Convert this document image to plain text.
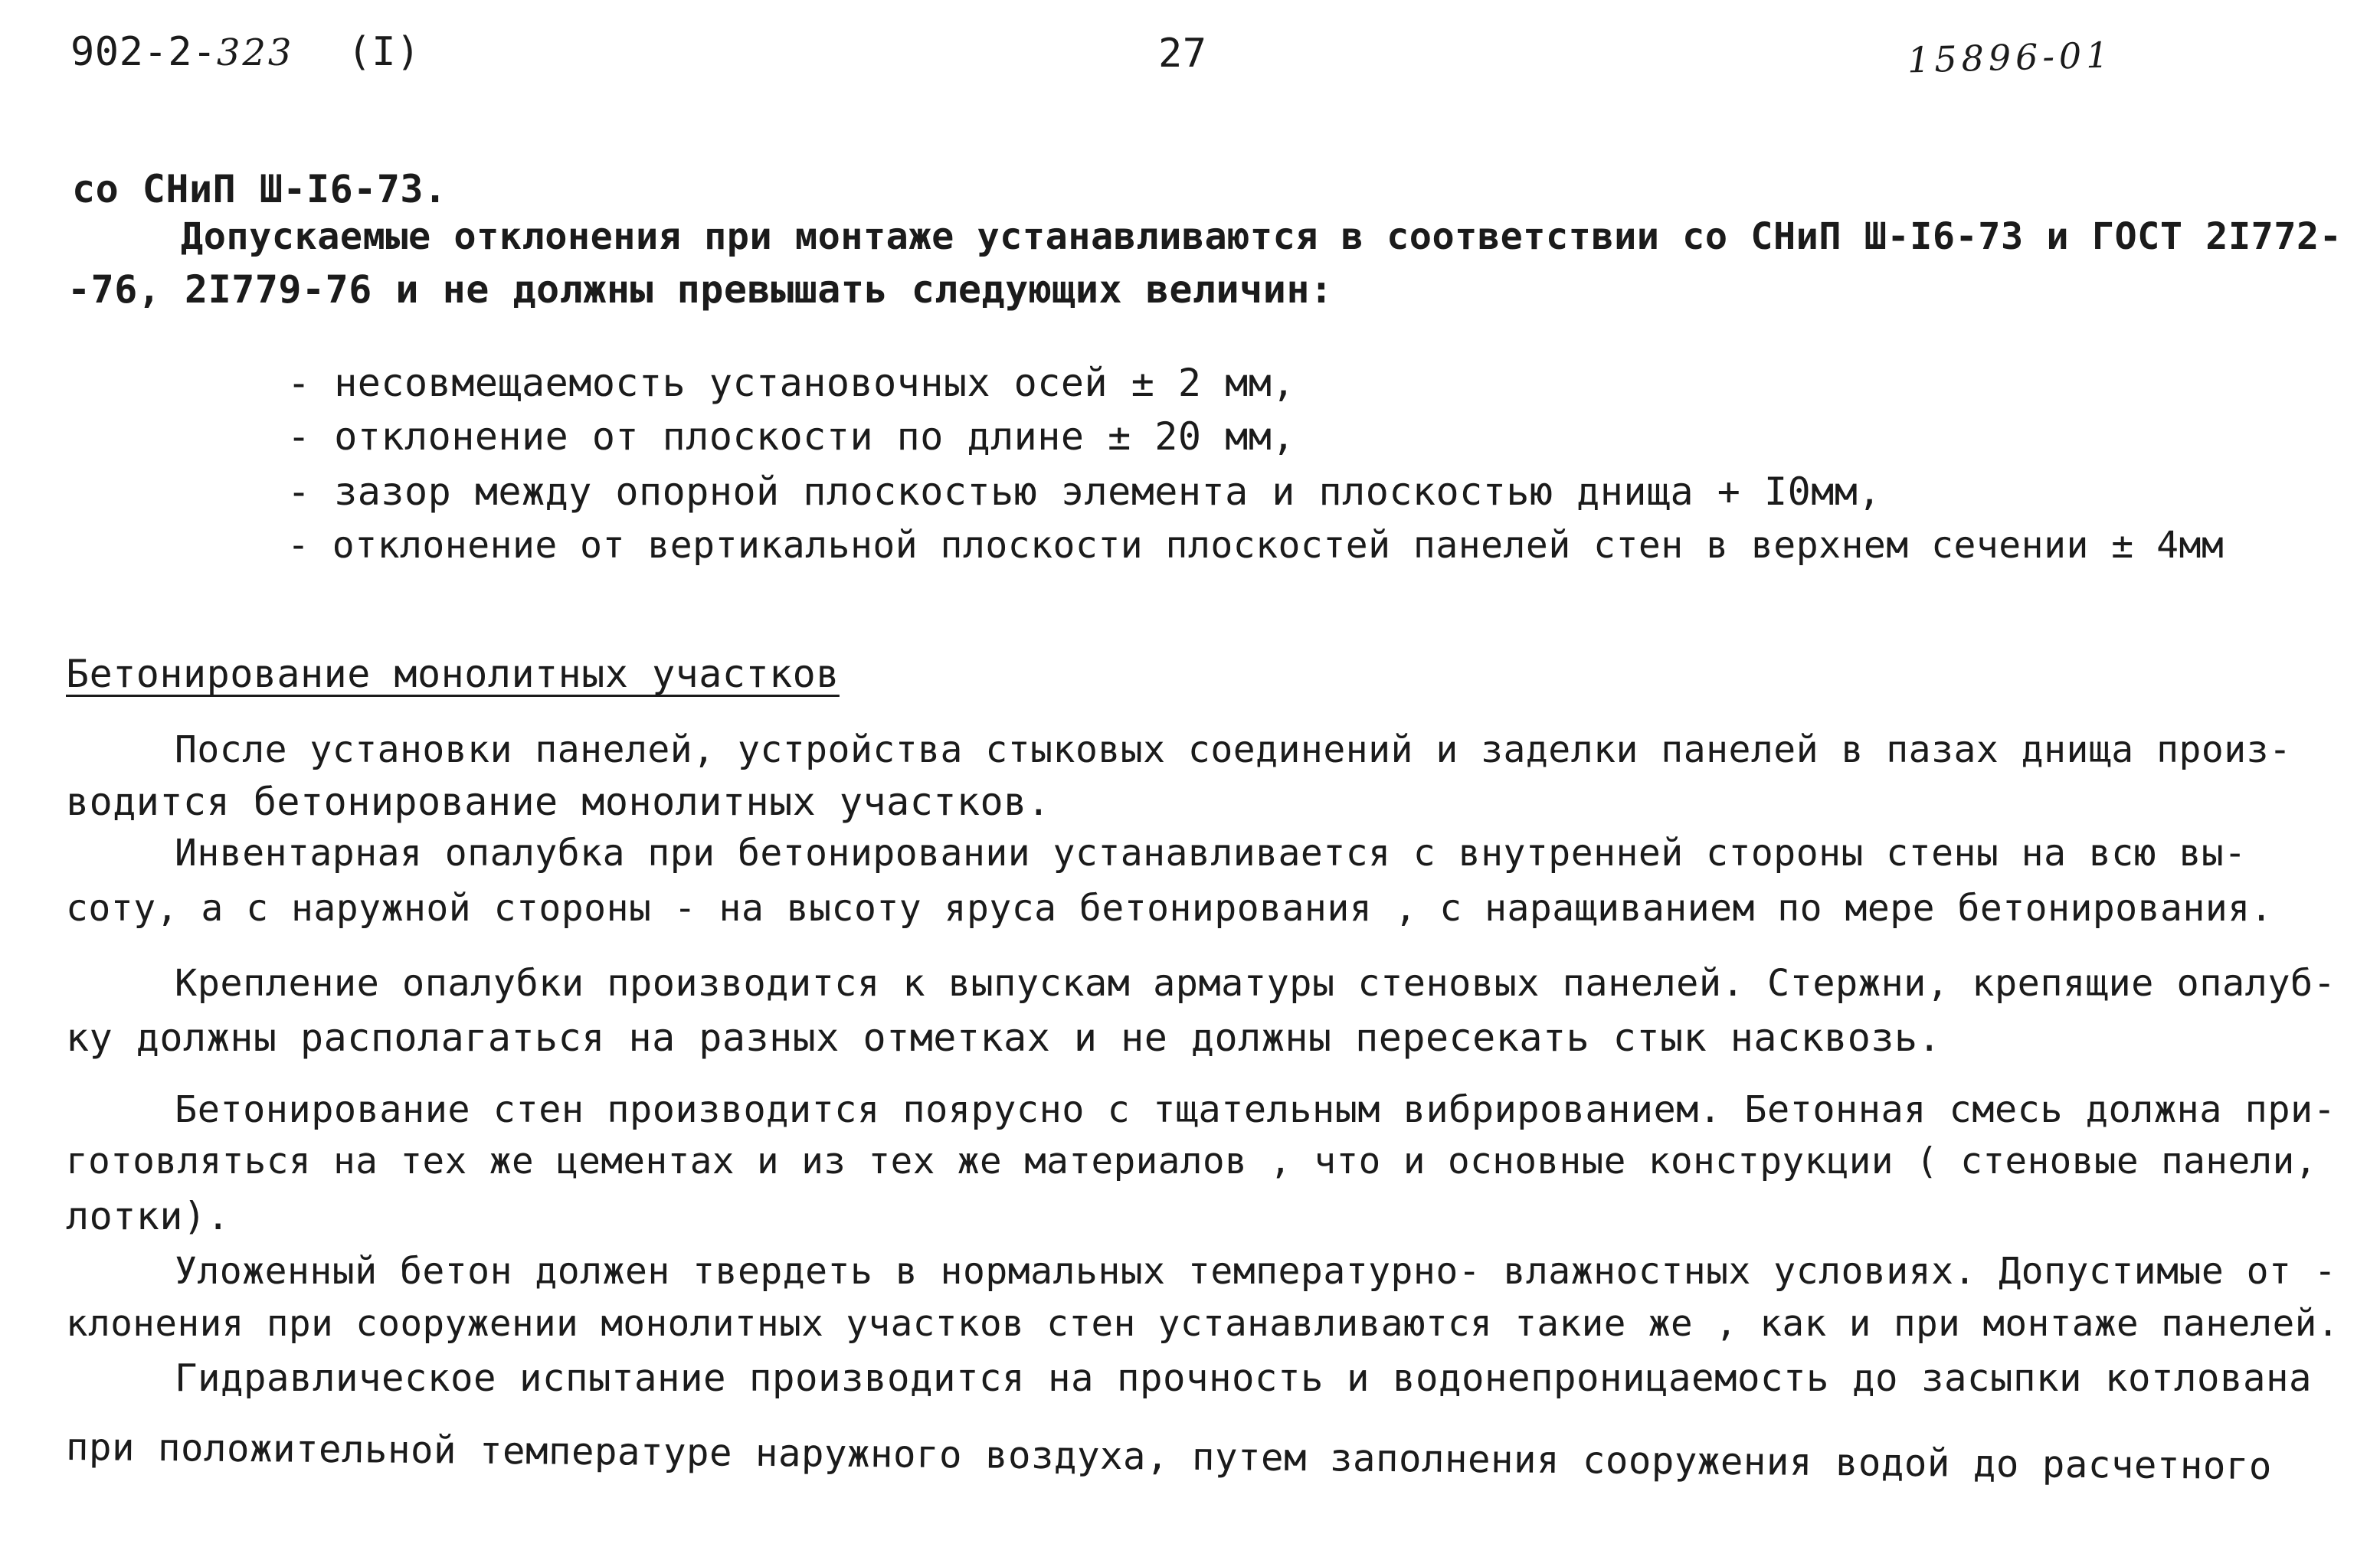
902-2-323 (I)	27	15896-01
со СНиП Ш-I6-73.
Допускаемые отклонения при монтаже устанавливаются в соответствии со СНиП Ш-I6-73 и ГОСТ 2I772-
-76, 2I779-76 и не должны превышать следующих величин:
- несовмещаемость установочных осей ± 2 мм,
- отклонение от плоскости по длине ± 20 мм,
- зазор между опорной плоскостью элемента и плоскостью днища + I0мм,
- отклонение от вертикальной плоскости плоскостей панелей стен в верхнем сечении ± 4мм
Бетонирование монолитных участков
После установки панелей, устройства стыковых соединений и заделки панелей в пазах днища произ-
водится бетонирование монолитных участков.
Инвентарная опалубка при бетонировании устанавливается с внутренней стороны стены на всю вы-
соту, а с наружной стороны - на высоту яруса бетонирования , с наращиванием по мере бетонирования.
Крепление опалубки производится к выпускам арматуры стеновых панелей. Стержни, крепящие опалуб-
ку должны располагаться на разных отметках и не должны пересекать стык насквозь.
Бетонирование стен производится поярусно с тщательным вибрированием. Бетонная смесь должна при-
готовляться на тех же цементах и из тех же материалов , что и основные конструкции ( стеновые панели,
лотки).
Уложенный бетон должен твердеть в нормальных температурно- влажностных условиях. Допустимые от -
клонения при сооружении монолитных участков стен устанавливаются такие же , как и при монтаже панелей.
Гидравлическое испытание производится на прочность и водонепроницаемость до засыпки котлована
при положительной температуре наружного воздуха, путем заполнения сооружения водой до расчетного
